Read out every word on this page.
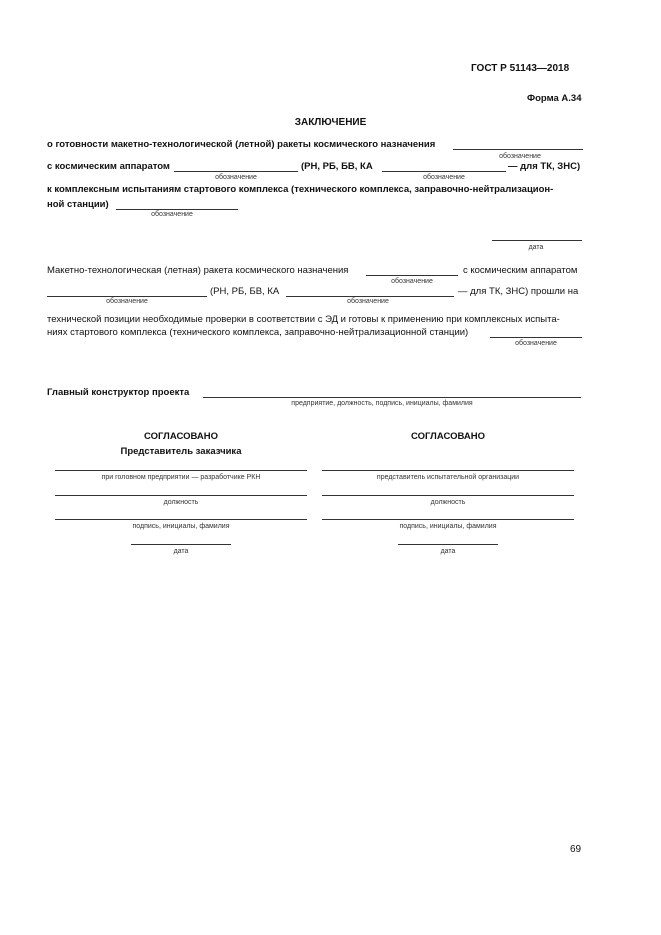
ГОСТ Р 51143—2018
Форма А.34
ЗАКЛЮЧЕНИЕ
о готовности макетно-технологической (летной) ракеты космического назначения
обозначение
с космическим аппаратом	(РН, РБ, БВ, КА	— для ТК, ЗНС)
обозначение	обозначение
к комплексным испытаниям стартового комплекса (технического комплекса, заправочно-нейтрализацион-
ной станции)
обозначение
дата
Макетно-технологическая (летная) ракета космического назначения	с космическим аппаратом
обозначение
(РН, РБ, БВ, КА	— для ТК, ЗНС) прошли на
обозначение	обозначение
технической позиции необходимые проверки в соответствии с ЭД и готовы к применению при комплексных испыта-
ниях стартового комплекса (технического комплекса, заправочно-нейтрализационной станции)
обозначение
Главный конструктор проекта
предприятие, должность, подпись, инициалы, фамилия
СОГЛАСОВАНО
Представитель заказчика
при головном предприятии — разработчике РКН
должность
подпись, инициалы, фамилия
дата
СОГЛАСОВАНО
представитель испытательной организации
должность
подпись, инициалы, фамилия
дата
69
